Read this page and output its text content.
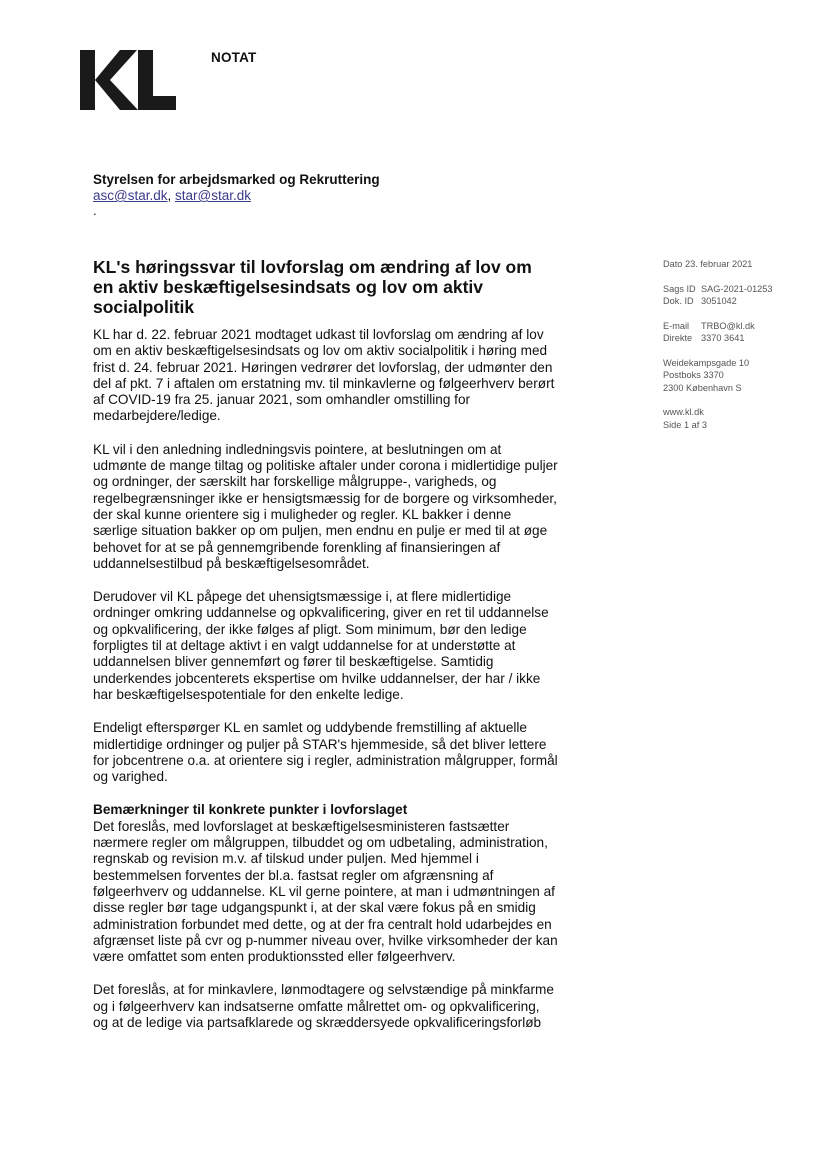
NOTAT
Styrelsen for arbejdsmarked og Rekruttering
asc@star.dk, star@star.dk
.
KL's høringssvar til lovforslag om ændring af lov om en aktiv beskæftigelsesindsats og lov om aktiv socialpolitik
Dato 23. februar 2021
Sags ID SAG-2021-01253
Dok. ID 3051042
E-mail TRBO@kl.dk
Direkte 3370 3641
Weidekampsgade 10
Postboks 3370
2300 København S
www.kl.dk
Side 1 af 3

KL har d. 22. februar 2021 modtaget udkast til lovforslag om ændring af lov om en aktiv beskæftigelsesindsats og lov om aktiv socialpolitik i høring med frist d. 24. februar 2021. Høringen vedrører det lovforslag, der udmønter den del af pkt. 7 i aftalen om erstatning mv. til minkavlerne og følgeerhverv berørt af COVID-19 fra 25. januar 2021, som omhandler omstilling for medarbejdere/ledige.

KL vil i den anledning indledningsvis pointere, at beslutningen om at udmønte de mange tiltag og politiske aftaler under corona i midlertidige puljer og ordninger, der særskilt har forskellige målgruppe-, varigheds, og regelbegrænsninger ikke er hensigtsmæssig for de borgere og virksomheder, der skal kunne orientere sig i muligheder og regler. KL bakker i denne særlige situation bakker op om puljen, men endnu en pulje er med til at øge behovet for at se på gennemgribende forenkling af finansieringen af uddannelsestilbud på beskæftigelsesområdet.

Derudover vil KL påpege det uhensigtsmæssige i, at flere midlertidige ordninger omkring uddannelse og opkvalificering, giver en ret til uddannelse og opkvalificering, der ikke følges af pligt. Som minimum, bør den ledige forpligtes til at deltage aktivt i en valgt uddannelse for at understøtte at uddannelsen bliver gennemført og fører til beskæftigelse. Samtidig underkendes jobcenterets ekspertise om hvilke uddannelser, der har / ikke har beskæftigelsespotentiale for den enkelte ledige.

Endeligt efterspørger KL en samlet og uddybende fremstilling af aktuelle midlertidige ordninger og puljer på STAR's hjemmeside, så det bliver lettere for jobcentrene o.a. at orientere sig i regler, administration målgrupper, formål og varighed.

Bemærkninger til konkrete punkter i lovforslaget
Det foreslås, med lovforslaget at beskæftigelsesministeren fastsætter nærmere regler om målgruppen, tilbuddet og om udbetaling, administration, regnskab og revision m.v. af tilskud under puljen. Med hjemmel i bestemmelsen forventes der bl.a. fastsat regler om afgrænsning af følgeerhverv og uddannelse. KL vil gerne pointere, at man i udmøntningen af disse regler bør tage udgangspunkt i, at der skal være fokus på en smidig administration forbundet med dette, og at der fra centralt hold udarbejdes en afgrænset liste på cvr og p-nummer niveau over, hvilke virksomheder der kan være omfattet som enten produktionssted eller følgeerhverv.

Det foreslås, at for minkavlere, lønmodtagere og selvstændige på minkfarme og i følgeerhverv kan indsatserne omfatte målrettet om- og opkvalificering, og at de ledige via partsafklarede og skræddersyede opkvalificeringsforløb
